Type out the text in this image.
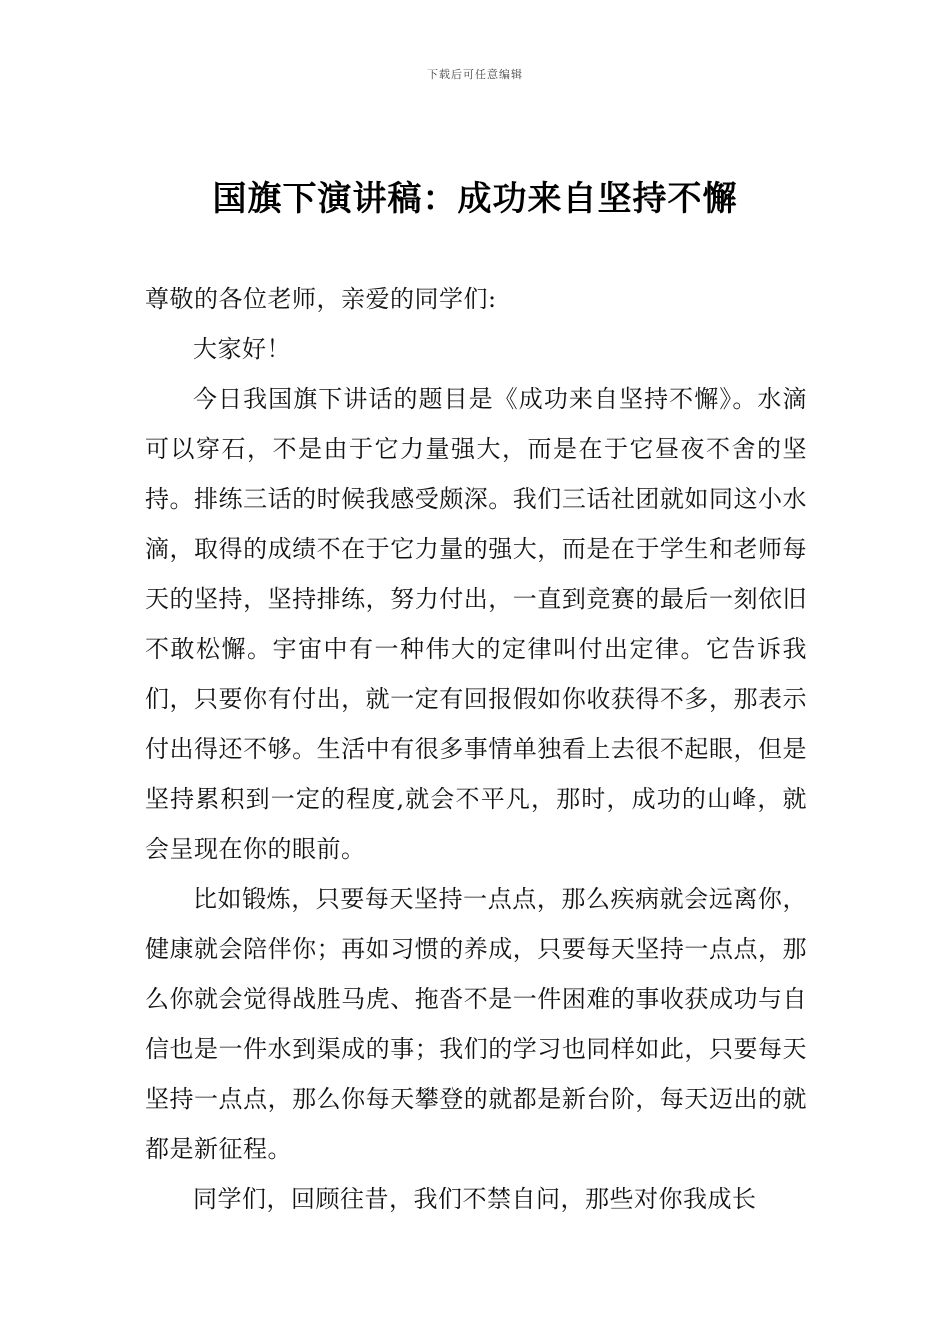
下载后可任意编辑
国旗下演讲稿：成功来自坚持不懈

尊敬的各位老师，亲爱的同学们:

大家好！

今日我国旗下讲话的题目是《成功来自坚持不懈》。水滴可以穿石，不是由于它力量强大，而是在于它昼夜不舍的坚持。排练三话的时候我感受颇深。我们三话社团就如同这小水滴，取得的成绩不在于它力量的强大，而是在于学生和老师每天的坚持，坚持排练，努力付出，一直到竞赛的最后一刻依旧不敢松懈。宇宙中有一种伟大的定律叫付出定律。它告诉我们，只要你有付出，就一定有回报假如你收获得不多，那表示付出得还不够。生活中有很多事情单独看上去很不起眼，但是坚持累积到一定的程度,就会不平凡，那时，成功的山峰，就会呈现在你的眼前。

比如锻炼，只要每天坚持一点点，那么疾病就会远离你，健康就会陪伴你；再如习惯的养成，只要每天坚持一点点，那么你就会觉得战胜马虎、拖沓不是一件困难的事收获成功与自信也是一件水到渠成的事；我们的学习也同样如此，只要每天坚持一点点，那么你每天攀登的就都是新台阶，每天迈出的就都是新征程。

同学们，回顾往昔，我们不禁自问，那些对你我成长
